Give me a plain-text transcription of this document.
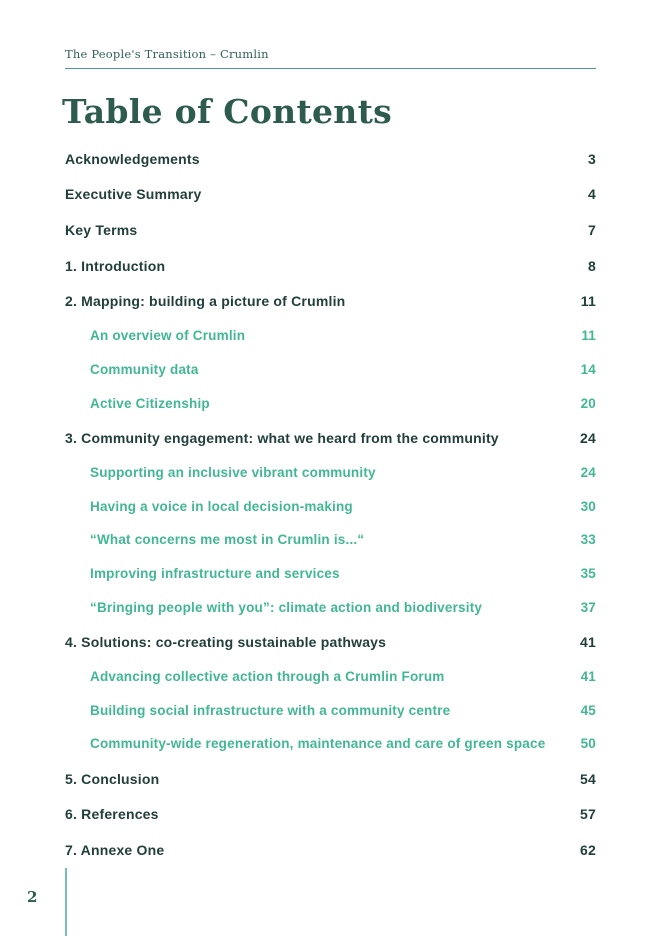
The People's Transition – Crumlin
Table of Contents
Acknowledgements	3
Executive Summary	4
Key Terms	7
1. Introduction	8
2. Mapping: building a picture of Crumlin	11
An overview of Crumlin	11
Community data	14
Active Citizenship	20
3. Community engagement: what we heard from the community	24
Supporting an inclusive vibrant community	24
Having a voice in local decision-making	30
“What concerns me most in Crumlin is...“	33
Improving infrastructure and services	35
“Bringing people with you”: climate action and biodiversity	37
4. Solutions: co-creating sustainable pathways	41
Advancing collective action through a Crumlin Forum	41
Building social infrastructure with a community centre	45
Community-wide regeneration, maintenance and care of green space	50
5. Conclusion	54
6. References	57
7. Annexe One	62
2
